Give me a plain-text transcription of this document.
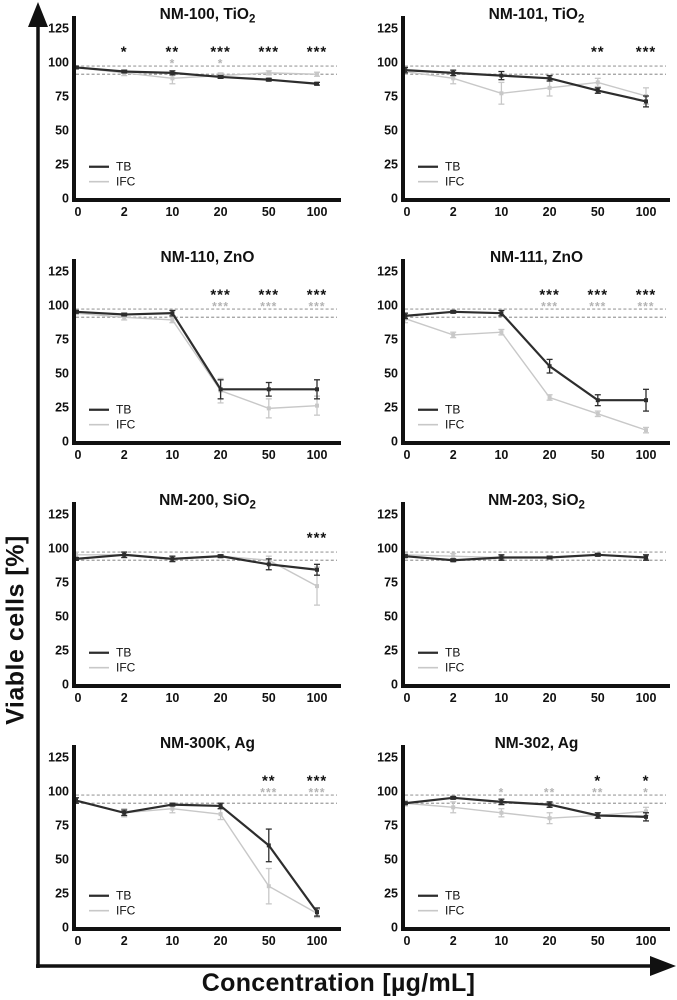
Viable cells [%]
0
25
50
75
100
125
0	2	10	20	50 100
NM-100, TiO$_2$
TB
IFC
*	** *** *** ***
*	*
0
25
50
75
100
125
0	2	10	20	50 100
NM-101, TiO$_2$
TB
IFC
** ***
0
25
50
75
100
125
0	2	10	20	50 100
NM-110, ZnO
TB
IFC
*** *** ***
***	***	***
0
25
50
75
100
125
0	2	10	20	50 100
NM-111, ZnO
TB
IFC
*** *** ***
***	***	***
0
25
50
75
100
125
0	2	10	20	50 100
NM-200, SiO$_2$
TB
IFC
***
0
25
50
75
100
125
0	2	10	20	50 100
NM-203, SiO$_2$
TB
IFC
0
25
50
75
100
125
0	2	10	20	50 100
NM-300K, Ag
TB
IFC
** ***
***	***
0
25
50
75
100
125
0	2	10	20	50 100
NM-302, Ag
TB
IFC
*	*
*	**	**	*
Concentration [µg/mL]
